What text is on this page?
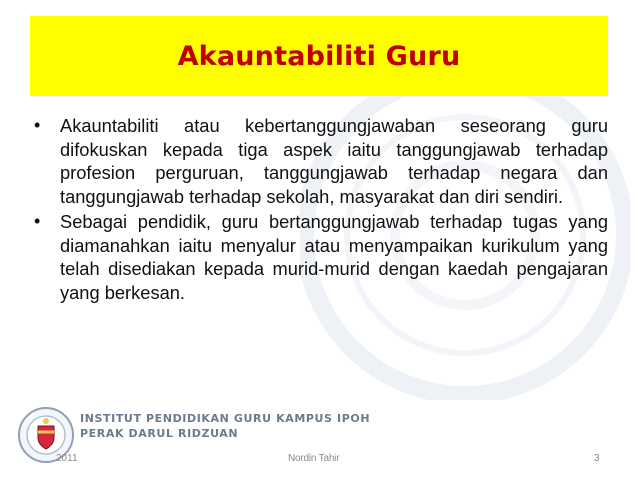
Akauntabiliti Guru
• Akauntabiliti atau kebertanggungjawaban seseorang guru difokuskan kepada tiga aspek iaitu tanggungjawab terhadap profesion perguruan, tanggungjawab terhadap negara dan tanggungjawab terhadap sekolah, masyarakat dan diri sendiri.
• Sebagai pendidik, guru bertanggungjawab terhadap tugas yang diamanahkan iaitu menyalur atau menyampaikan kurikulum yang telah disediakan kepada murid-murid dengan kaedah pengajaran yang berkesan.
INSTITUT PENDIDIKAN GURU KAMPUS IPOH
PERAK DARUL RIDZUAN
2011	Nordin Tahir	3
